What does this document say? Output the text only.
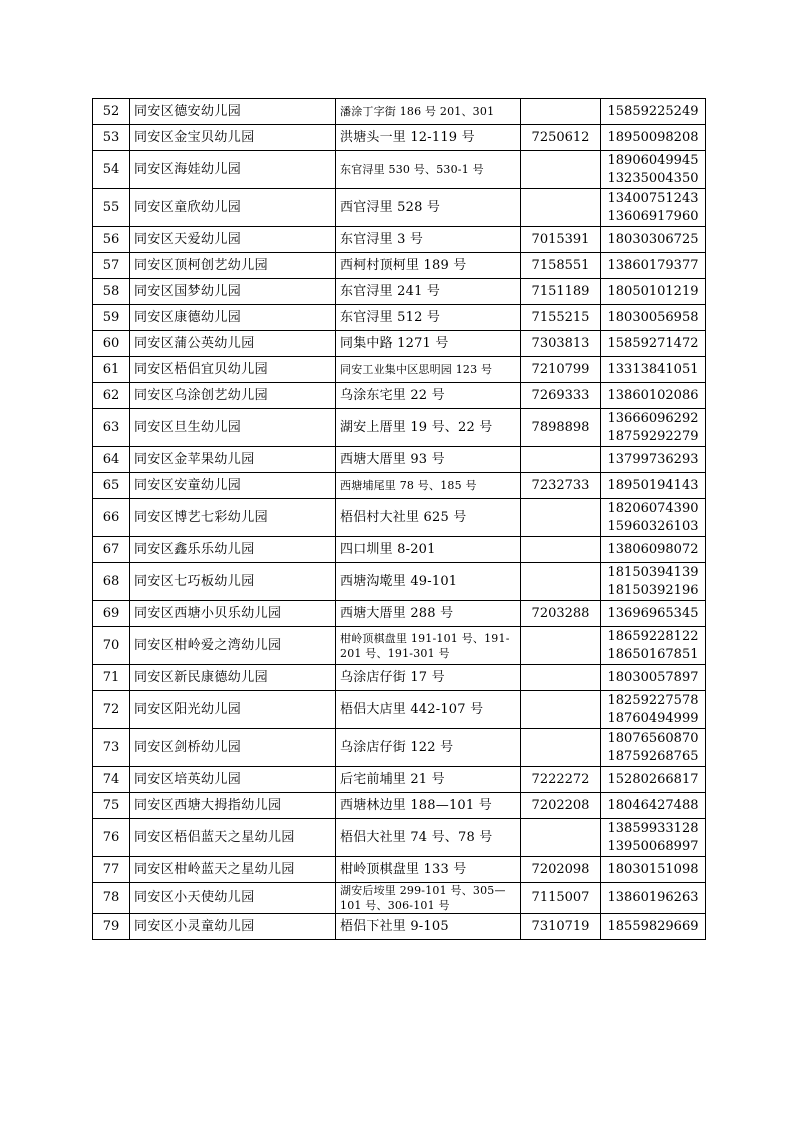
52	同安区德安幼儿园	潘涂丁字街 186 号 201、301		15859225249

53	同安区金宝贝幼儿园	洪塘头一里 12-119 号	7250612	18950098208

54	同安区海娃幼儿园	东官浔里 530 号、530-1 号		18906049945
13235004350

55	同安区童欣幼儿园	西官浔里 528 号		13400751243
13606917960

56	同安区天爱幼儿园	东官浔里 3 号	7015391	18030306725

57	同安区顶柯创艺幼儿园	西柯村顶柯里 189 号	7158551	13860179377

58	同安区国梦幼儿园	东官浔里 241 号	7151189	18050101219

59	同安区康德幼儿园	东官浔里 512 号	7155215	18030056958

60	同安区蒲公英幼儿园	同集中路 1271 号	7303813	15859271472

61	同安区梧侣宜贝幼儿园	同安工业集中区思明园 123 号	7210799	13313841051

62	同安区乌涂创艺幼儿园	乌涂东宅里 22 号	7269333	13860102086

63	同安区旦生幼儿园	湖安上厝里 19 号、22 号	7898898	13666096292
18759292279

64	同安区金苹果幼儿园	西塘大厝里 93 号		13799736293

65	同安区安童幼儿园	西塘埔尾里 78 号、185 号	7232733	18950194143

66	同安区博艺七彩幼儿园	梧侣村大社里 625 号		18206074390
15960326103

67	同安区鑫乐乐幼儿园	四口圳里 8-201		13806098072

68	同安区七巧板幼儿园	西塘沟墘里 49-101		18150394139
18150392196

69	同安区西塘小贝乐幼儿园	西塘大厝里 288 号	7203288	13696965345

70	同安区柑岭爱之湾幼儿园	柑岭顶棋盘里 191-101 号、191-201 号、191-301 号		18659228122
18650167851

71	同安区新民康德幼儿园	乌涂店仔街 17 号		18030057897

72	同安区阳光幼儿园	梧侣大店里 442-107 号		18259227578
18760494999

73	同安区剑桥幼儿园	乌涂店仔街 122 号		18076560870
18759268765

74	同安区培英幼儿园	后宅前埔里 21 号	7222272	15280266817

75	同安区西塘大拇指幼儿园	西塘林边里 188—101 号	7202208	18046427488

76	同安区梧侣蓝天之星幼儿园	梧侣大社里 74 号、78 号		13859933128
13950068997

77	同安区柑岭蓝天之星幼儿园	柑岭顶棋盘里 133 号	7202098	18030151098

78	同安区小天使幼儿园	湖安后垵里 299-101 号、305—101 号、306-101 号	7115007	13860196263

79	同安区小灵童幼儿园	梧侣下社里 9-105	7310719	18559829669
